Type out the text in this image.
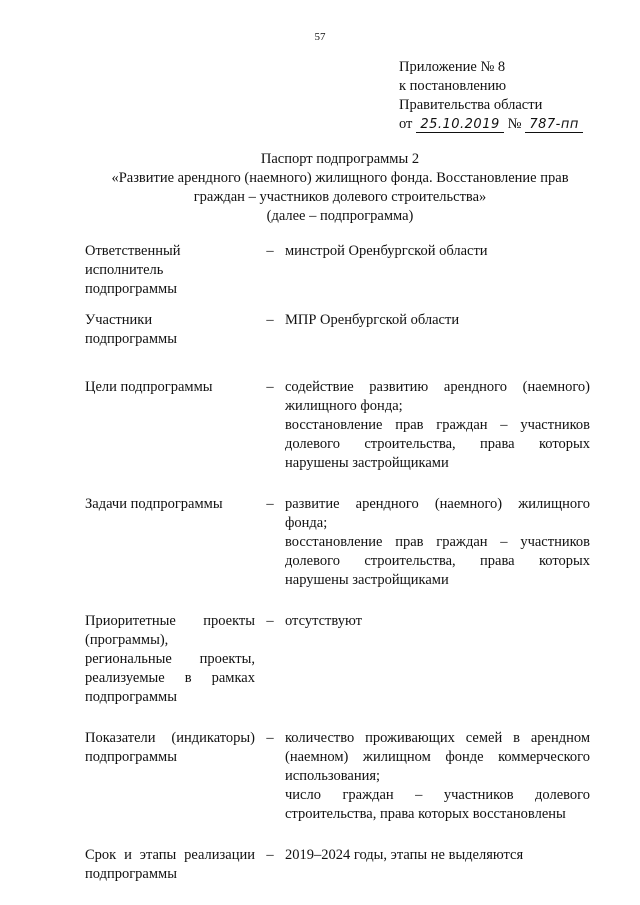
57
Приложение № 8
к постановлению
Правительства области
от 25.10.2019 № 787-пп
Паспорт подпрограммы 2
«Развитие арендного (наемного) жилищного фонда. Восстановление прав
граждан – участников долевого строительства»
(далее – подпрограмма)
Ответственный исполнитель подпрограммы
– минстрой Оренбургской области
Участники подпрограммы
– МПР Оренбургской области
Цели подпрограммы	– содействие развитию арендного (наемного) жилищного фонда;
восстановление прав граждан – участников долевого строительства, права которых нарушены застройщиками
Задачи подпрограммы	– развитие арендного (наемного) жилищного фонда;
восстановление прав граждан – участников долевого строительства, права которых нарушены застройщиками
Приоритетные проекты (программы), региональные проекты, реализуемые в рамках подпрограммы
– отсутствуют
Показатели (индикаторы) подпрограммы
– количество проживающих семей в арендном (наемном) жилищном фонде коммерческого использования;
число граждан – участников долевого строительства, права которых восстановлены
Срок и этапы реализации подпрограммы
– 2019–2024 годы, этапы не выделяются
